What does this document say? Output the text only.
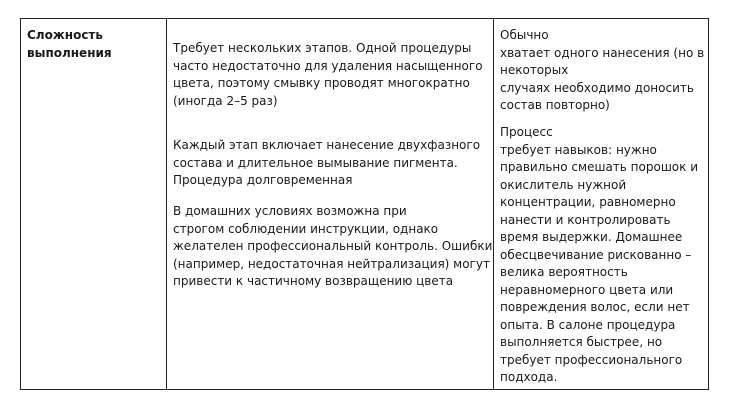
Сложность
выполнения	Требует нескольких этапов. Одной процедуры
часто недостаточно для удаления насыщенного
цвета, поэтому смывку проводят многократно
(иногда 2–5 раз)
Каждый этап включает нанесение двухфазного
состава и длительное вымывание пигмента.
Процедура долговременная
В домашних условиях возможна при
строгом соблюдении инструкции, однако
желателен профессиональный контроль. Ошибки
(например, недостаточная нейтрализация) могут
привести к частичному возвращению цвета
Обычно
хватает одного нанесения (но в
некоторых
случаях необходимо доносить
состав повторно)
Процесс
требует навыков: нужно
правильно смешать порошок и
окислитель нужной
концентрации, равномерно
нанести и контролировать
время выдержки. Домашнее
обесцвечивание рискованно –
велика вероятность
неравномерного цвета или
повреждения волос, если нет
опыта. В салоне процедура
выполняется быстрее, но
требует профессионального
подхода.
